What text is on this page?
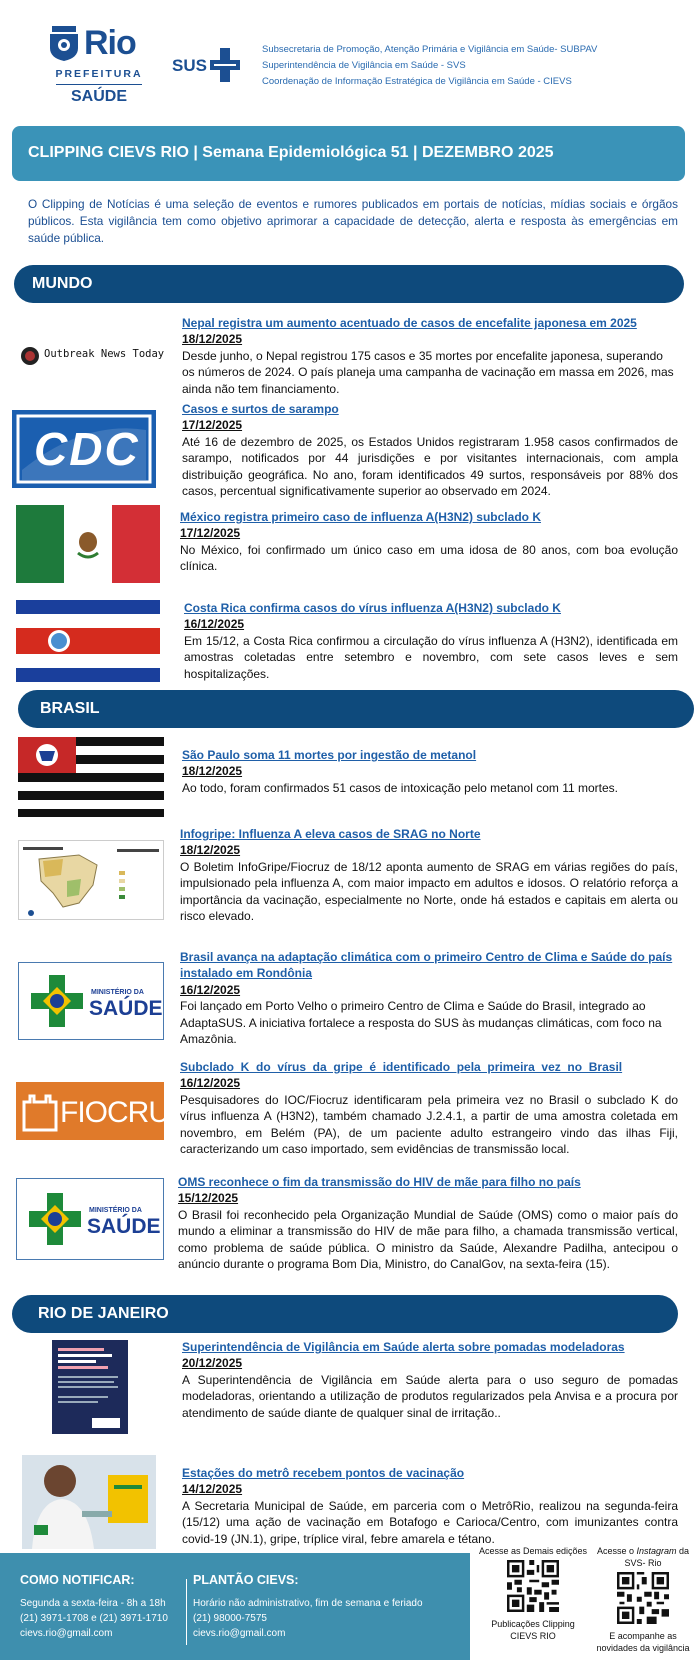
Rio
PREFEITURA
SAÚDE
SUS
Subsecretaria de Promoção, Atenção Primária e Vigilância em Saúde- SUBPAV
Superintendência de Vigilância em Saúde - SVS
Coordenação de Informação Estratégica de Vigilância em Saúde - CIEVS
CLIPPING CIEVS RIO | Semana Epidemiológica 51 | DEZEMBRO 2025
O Clipping de Notícias é uma seleção de eventos e rumores publicados em portais de notícias, mídias sociais e órgãos públicos. Esta vigilância tem como objetivo aprimorar a capacidade de detecção, alerta e resposta às emergências em saúde pública.
MUNDO
Outbreak News Today
Nepal registra um aumento acentuado de casos de encefalite japonesa em 2025
18/12/2025
Desde junho, o Nepal registrou 175 casos e 35 mortes por encefalite japonesa, superando os números de 2024. O país planeja uma campanha de vacinação em massa em 2026, mas ainda não tem financiamento.
CDC
Casos e surtos de sarampo
17/12/2025
Até 16 de dezembro de 2025, os Estados Unidos registraram 1.958 casos confirmados de sarampo, notificados por 44 jurisdições e por visitantes internacionais, com ampla distribuição geográfica. No ano, foram identificados 49 surtos, responsáveis por 88% dos casos, percentual significativamente superior ao observado em 2024.
México registra primeiro caso de influenza A(H3N2) subclado K
17/12/2025
No México, foi confirmado um único caso em uma idosa de 80 anos, com boa evolução clínica.
Costa Rica confirma casos do vírus influenza A(H3N2) subclado K
16/12/2025
Em 15/12, a Costa Rica confirmou a circulação do vírus influenza A (H3N2), identificada em amostras coletadas entre setembro e novembro, com sete casos leves e sem hospitalizações.
BRASIL
São Paulo soma 11 mortes por ingestão de metanol
18/12/2025
Ao todo, foram confirmados 51 casos de intoxicação pelo metanol com 11 mortes.
Infogripe: Influenza A eleva casos de SRAG no Norte
18/12/2025
O Boletim InfoGripe/Fiocruz de 18/12 aponta aumento de SRAG em várias regiões do país, impulsionado pela influenza A, com maior impacto em adultos e idosos. O relatório reforça a importância da vacinação, especialmente no Norte, onde há estados e capitais em alerta ou risco elevado.
MINISTÉRIO DA
SAÚDE
Brasil avança na adaptação climática com o primeiro Centro de Clima e Saúde do país instalado em Rondônia
16/12/2025
Foi lançado em Porto Velho o primeiro Centro de Clima e Saúde do Brasil, integrado ao AdaptaSUS. A iniciativa fortalece a resposta do SUS às mudanças climáticas, com foco na Amazônia.
FIOCRUZ
Subclado  K  do  vírus  da  gripe  é  identificado  pela  primeira  vez  no  Brasil
16/12/2025
Pesquisadores do IOC/Fiocruz identificaram pela primeira vez no Brasil o subclado K do vírus influenza A (H3N2), também chamado J.2.4.1, a partir de uma amostra coletada em novembro, em Belém (PA), de um paciente adulto estrangeiro vindo das ilhas Fiji, caracterizando um caso importado, sem evidências de transmissão local.
MINISTÉRIO DA
SAÚDE
OMS reconhece o fim da transmissão do HIV de mãe para filho no país
15/12/2025
O Brasil foi reconhecido pela Organização Mundial de Saúde (OMS) como o maior país do mundo a eliminar a transmissão do HIV de mãe para filho, a chamada transmissão vertical, como problema de saúde pública. O ministro da Saúde, Alexandre Padilha, antecipou o anúncio durante o programa Bom Dia, Ministro, do CanalGov, na sexta-feira (15).
RIO DE JANEIRO
Superintendência de Vigilância em Saúde alerta sobre pomadas modeladoras
20/12/2025
A Superintendência de Vigilância em Saúde alerta para o uso seguro de pomadas modeladoras, orientando a utilização de produtos regularizados pela Anvisa e a procura por atendimento de saúde diante de qualquer sinal de irritação..
Estações do metrô recebem pontos de vacinação
14/12/2025
A Secretaria Municipal de Saúde, em parceria com o MetrôRio, realizou na segunda-feira (15/12) uma ação de vacinação em Botafogo e Carioca/Centro, com imunizantes contra covid-19 (JN.1), gripe, tríplice viral, febre amarela e tétano.
COMO NOTIFICAR:
Segunda a sexta-feira - 8h a 18h
(21) 3971-1708 e (21) 3971-1710
cievs.rio@gmail.com
PLANTÃO CIEVS:
Horário não administrativo, fim de semana e feriado
(21) 98000-7575
cievs.rio@gmail.com
Acesse as Demais edições
Publicações Clipping CIEVS RIO
Acesse o Instagram da SVS- Rio
E acompanhe as novidades da vigilância
